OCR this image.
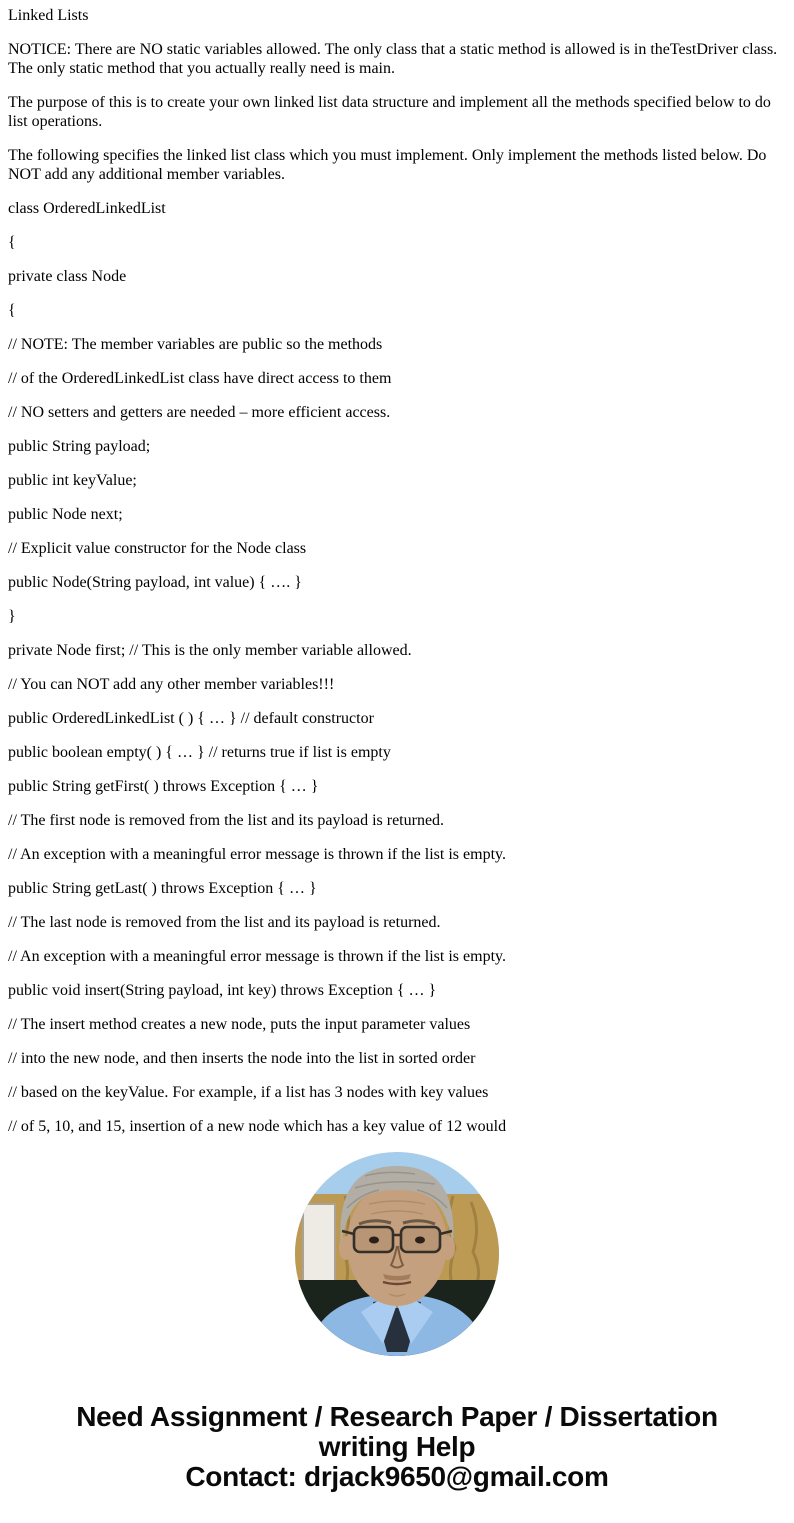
Linked Lists

NOTICE: There are NO static variables allowed. The only class that a static method is allowed is in theTestDriver class. The only static method that you actually really need is main.

The purpose of this is to create your own linked list data structure and implement all the methods specified below to do list operations.

The following specifies the linked list class which you must implement. Only implement the methods listed below. Do NOT add any additional member variables.

class OrderedLinkedList

{

private class Node

{

// NOTE: The member variables are public so the methods

// of the OrderedLinkedList class have direct access to them

// NO setters and getters are needed – more efficient access.

public String payload;

public int keyValue;

public Node next;

// Explicit value constructor for the Node class

public Node(String payload, int value) { …. }

}

private Node first; // This is the only member variable allowed.

// You can NOT add any other member variables!!!

public OrderedLinkedList ( ) { … } // default constructor

public boolean empty( ) { … } // returns true if list is empty

public String getFirst( ) throws Exception { … }

// The first node is removed from the list and its payload is returned.

// An exception with a meaningful error message is thrown if the list is empty.

public String getLast( ) throws Exception { … }

// The last node is removed from the list and its payload is returned.

// An exception with a meaningful error message is thrown if the list is empty.

public void insert(String payload, int key) throws Exception { … }

// The insert method creates a new node, puts the input parameter values

// into the new node, and then inserts the node into the list in sorted order

// based on the keyValue. For example, if a list has 3 nodes with key values

// of 5, 10, and 15, insertion of a new node which has a key value of 12 would

Need Assignment / Research Paper / Dissertation
writing Help
Contact: drjack9650@gmail.com
